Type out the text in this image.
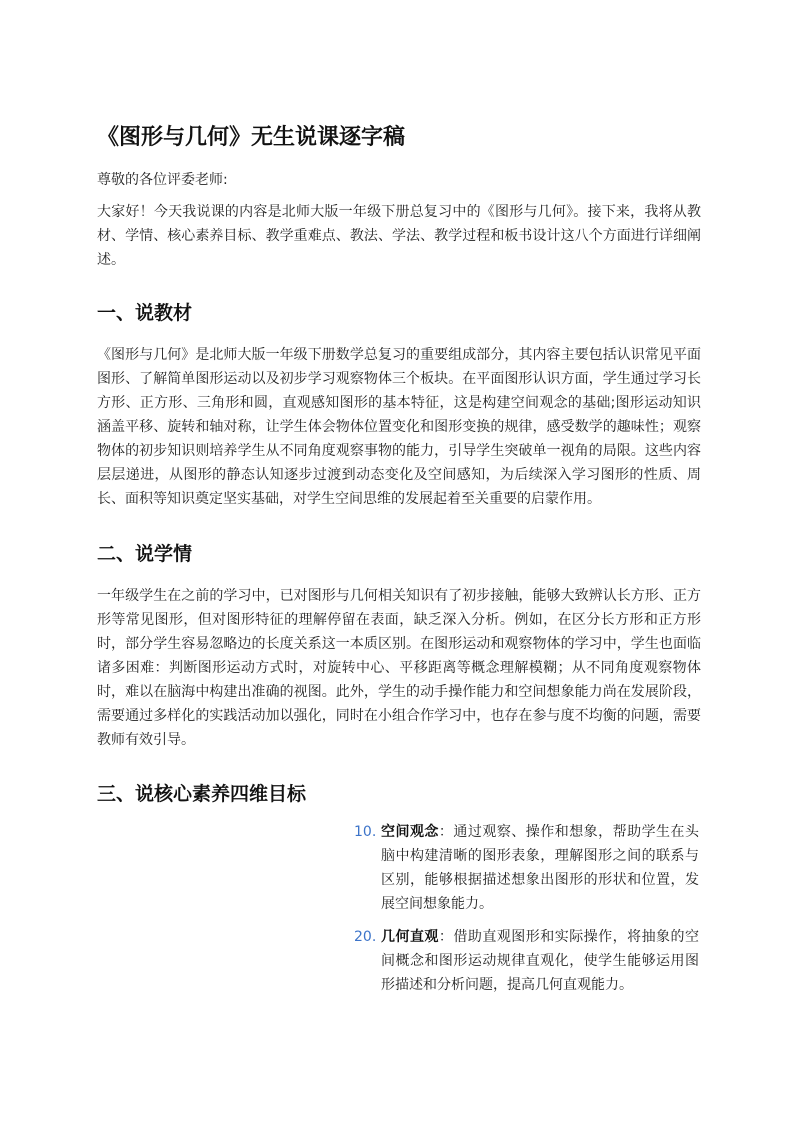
《图形与几何》无生说课逐字稿

尊敬的各位评委老师:

大家好！今天我说课的内容是北师大版一年级下册总复习中的《图形与几何》。接下来，我将从教材、学情、核心素养目标、教学重难点、教法、学法、教学过程和板书设计这八个方面进行详细阐述。

一、说教材

《图形与几何》是北师大版一年级下册数学总复习的重要组成部分，其内容主要包括认识常见平面图形、了解简单图形运动以及初步学习观察物体三个板块。在平面图形认识方面，学生通过学习长方形、正方形、三角形和圆，直观感知图形的基本特征，这是构建空间观念的基础;图形运动知识涵盖平移、旋转和轴对称，让学生体会物体位置变化和图形变换的规律，感受数学的趣味性；观察物体的初步知识则培养学生从不同角度观察事物的能力，引导学生突破单一视角的局限。这些内容层层递进，从图形的静态认知逐步过渡到动态变化及空间感知，为后续深入学习图形的性质、周长、面积等知识奠定坚实基础，对学生空间思维的发展起着至关重要的启蒙作用。

二、说学情

一年级学生在之前的学习中，已对图形与几何相关知识有了初步接触，能够大致辨认长方形、正方形等常见图形，但对图形特征的理解停留在表面，缺乏深入分析。例如，在区分长方形和正方形时，部分学生容易忽略边的长度关系这一本质区别。在图形运动和观察物体的学习中，学生也面临诸多困难：判断图形运动方式时，对旋转中心、平移距离等概念理解模糊；从不同角度观察物体时，难以在脑海中构建出准确的视图。此外，学生的动手操作能力和空间想象能力尚在发展阶段，需要通过多样化的实践活动加以强化，同时在小组合作学习中，也存在参与度不均衡的问题，需要教师有效引导。

三、说核心素养四维目标
10. 空间观念：通过观察、操作和想象，帮助学生在头脑中构建清晰的图形表象，理解图形之间的联系与区别，能够根据描述想象出图形的形状和位置，发展空间想象能力。
20. 几何直观：借助直观图形和实际操作，将抽象的空间概念和图形运动规律直观化，使学生能够运用图形描述和分析问题，提高几何直观能力。
